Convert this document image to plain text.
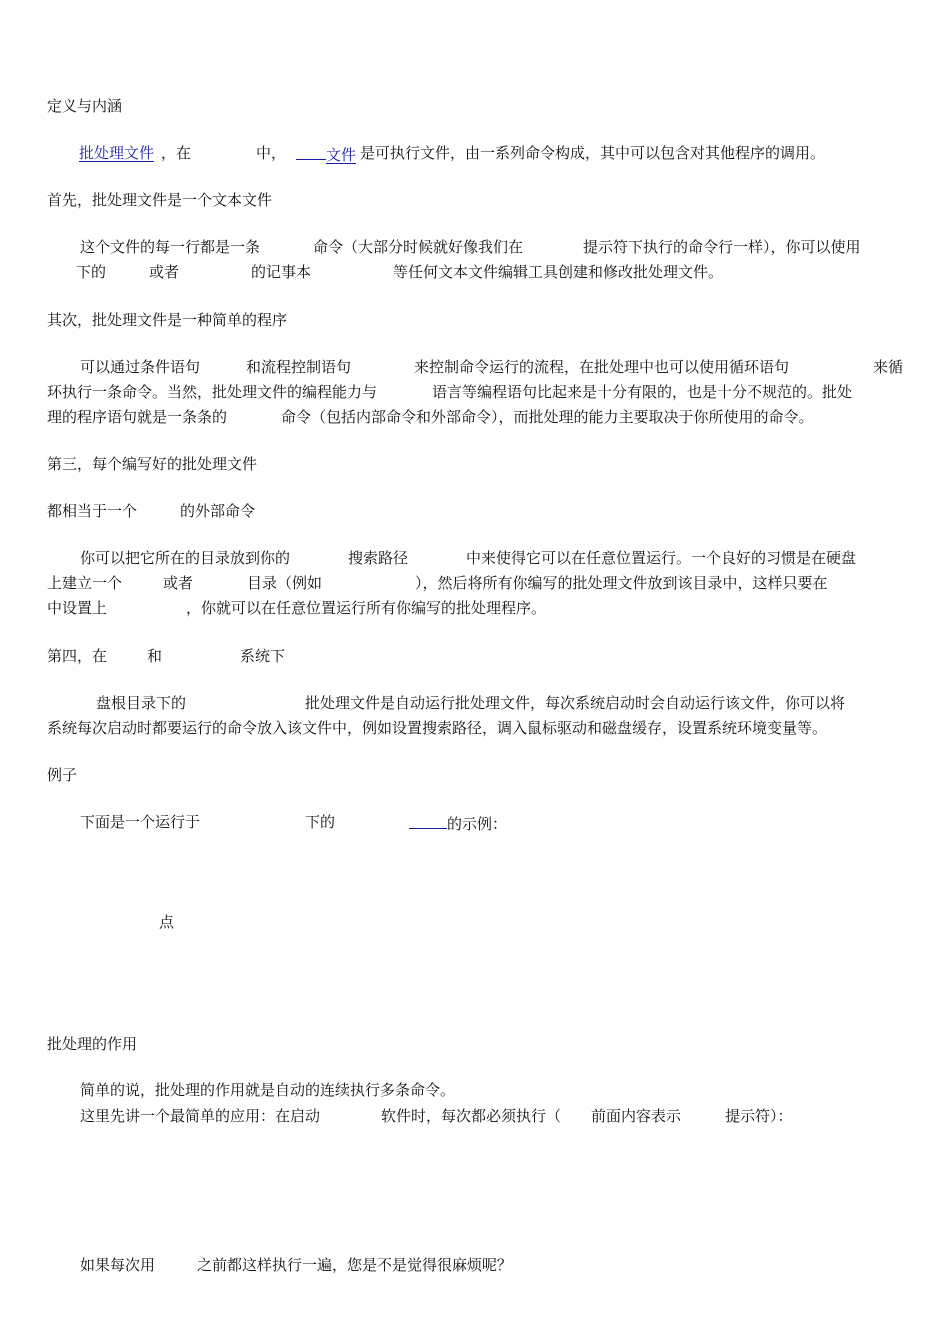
定义与内涵
批处理文件 ，在	中，	文件 是可执行文件，由一系列命令构成，其中可以包含对其他程序的调用。
首先，批处理文件是一个文本文件
这个文件的每一行都是一条	命令（大部分时候就好像我们在	提示符下执行的命令行一样），你可以使用
下的	或者	的记事本	等任何文本文件编辑工具创建和修改批处理文件。
其次，批处理文件是一种简单的程序
可以通过条件语句	和流程控制语句	来控制命令运行的流程，在批处理中也可以使用循环语句	来循
环执行一条命令。当然，批处理文件的编程能力与	语言等编程语句比起来是十分有限的，也是十分不规范的。批处
理的程序语句就是一条条的	命令（包括内部命令和外部命令），而批处理的能力主要取决于你所使用的命令。
第三，每个编写好的批处理文件
都相当于一个	的外部命令
你可以把它所在的目录放到你的	搜索路径	中来使得它可以在任意位置运行。一个良好的习惯是在硬盘
上建立一个	或者	目录（例如	），然后将所有你编写的批处理文件放到该目录中，这样只要在
中设置上	，你就可以在任意位置运行所有你编写的批处理程序。
第四，在	和	系统下
盘根目录下的	批处理文件是自动运行批处理文件，每次系统启动时会自动运行该文件，你可以将
系统每次启动时都要运行的命令放入该文件中，例如设置搜索路径，调入鼠标驱动和磁盘缓存，设置系统环境变量等。
例子
下面是一个运行于	下的	的示例：
点
批处理的作用
简单的说，批处理的作用就是自动的连续执行多条命令。
这里先讲一个最简单的应用：在启动	软件时，每次都必须执行（ 前面内容表示	提示符）：
如果每次用	之前都这样执行一遍，您是不是觉得很麻烦呢？
